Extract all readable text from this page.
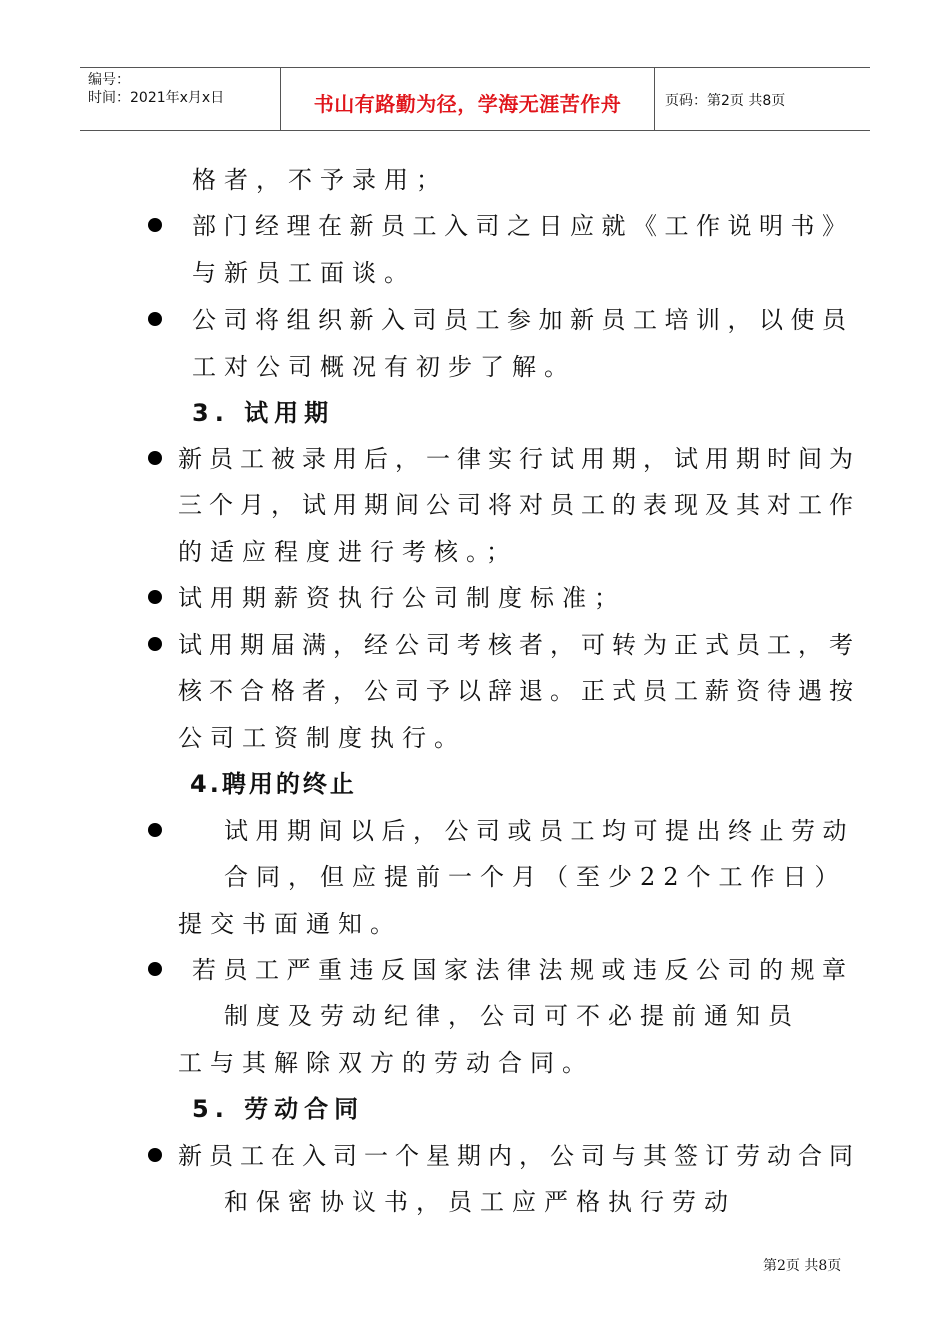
编号：
时间：2021年x月x日	书山有路勤为径，学海无涯苦作舟	页码：第2页 共8页
格者，不予录用；
部门经理在新员工入司之日应就《工作说明书》
与新员工面谈。
公司将组织新入司员工参加新员工培训，以使员
工对公司概况有初步了解。
3. 试用期
新员工被录用后，一律实行试用期，试用期时间为
三个月，试用期间公司将对员工的表现及其对工作
的适应程度进行考核。；
试用期薪资执行公司制度标准；
试用期届满，经公司考核者，可转为正式员工，考
核不合格者，公司予以辞退。正式员工薪资待遇按
公司工资制度执行。
4.聘用的终止
试用期间以后，公司或员工均可提出终止劳动
合同，但应提前一个月（至少22个工作日）
提交书面通知。
若员工严重违反国家法律法规或违反公司的规章
制度及劳动纪律，公司可不必提前通知员
工与其解除双方的劳动合同。
5. 劳动合同
新员工在入司一个星期内，公司与其签订劳动合同
和保密协议书，员工应严格执行劳动
第2页 共8页
